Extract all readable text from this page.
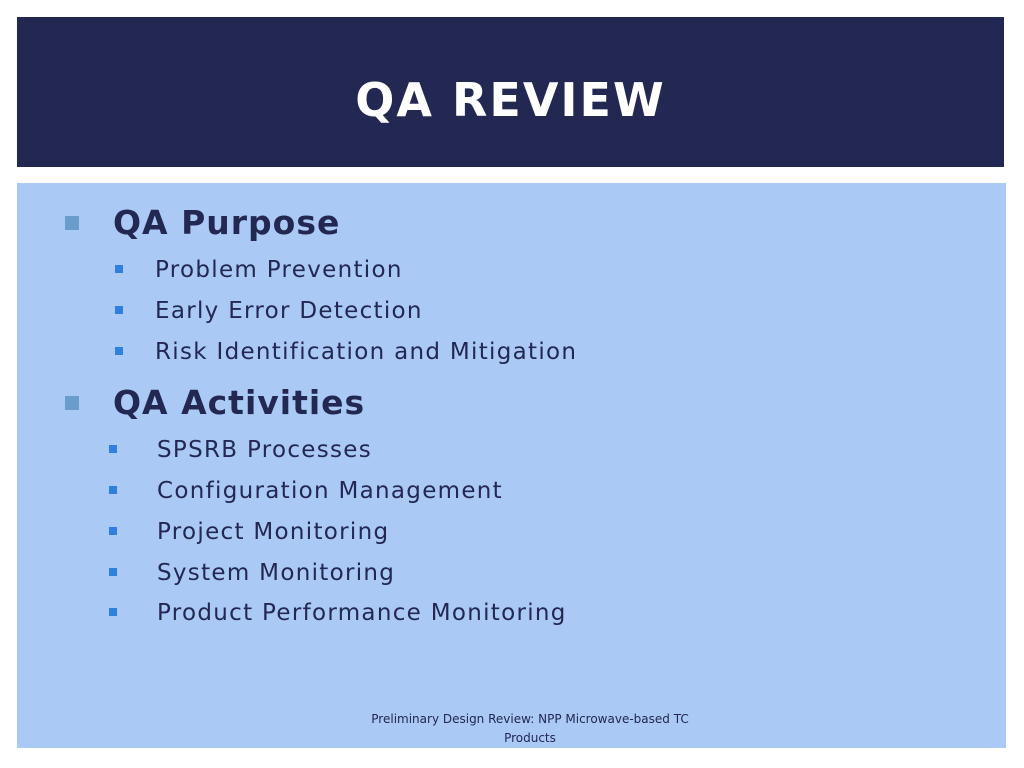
QA REVIEW
QA Purpose
Problem Prevention
Early Error Detection
Risk Identification and Mitigation
QA Activities
SPSRB Processes
Configuration Management
Project Monitoring
System Monitoring
Product Performance Monitoring
Preliminary Design Review: NPP Microwave-based TC
Products
